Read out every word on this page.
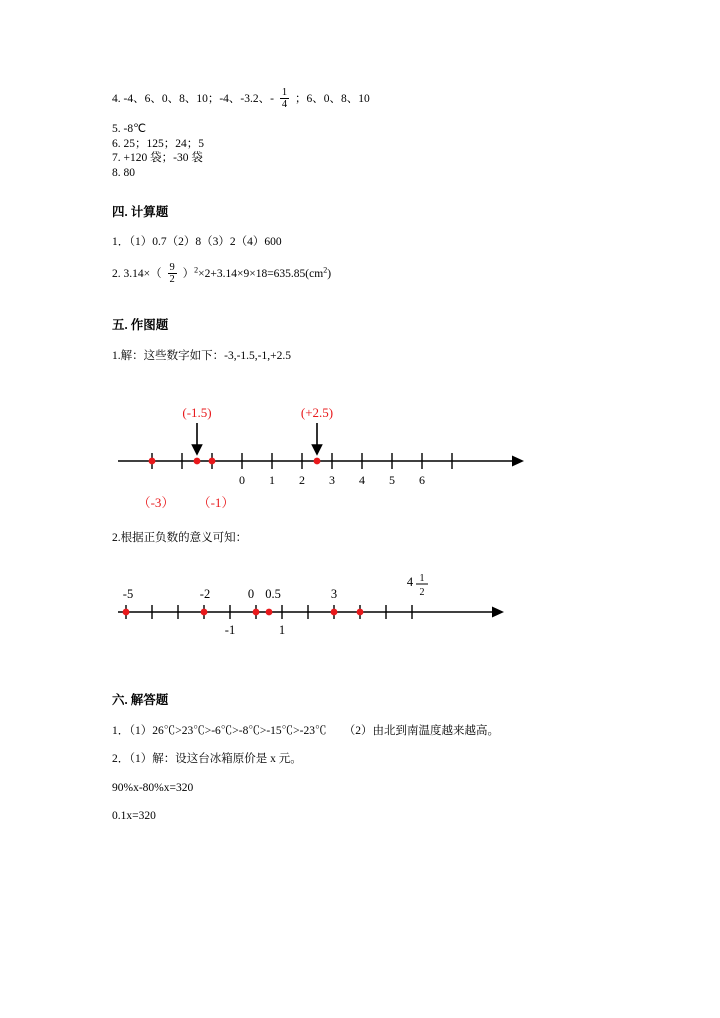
4. -4、6、0、8、10；-4、-3.2、- $\frac{1}{4}$ ；6、0、8、10
5. -8℃
6. 25；125；24；5
7. +120 袋；-30 袋
8. 80
四. 计算题
1．（1）0.7（2）8（3）2（4）600
2. $3.14\times( \frac{9}{2} )^2\times 2+3.14\times 9\times 18=635.85(cm^2)$
五. 作图题
1.解：这些数字如下：-3,-1.5,-1,+2.5
0 1 2 3 4 5 6
(-1.5)	(+2.5)
（-3） （-1）
2.根据正负数的意义可知：
-5	-2	0 0.5	3
4 1
2
-1	1
六. 解答题
1．（1）26℃>23℃>-6℃>-8℃>-15℃>-23℃　　（2）由北到南温度越来越高。
2．（1）解：设这台冰箱原价是 x 元。
90%x-80%x=320
0.1x=320
